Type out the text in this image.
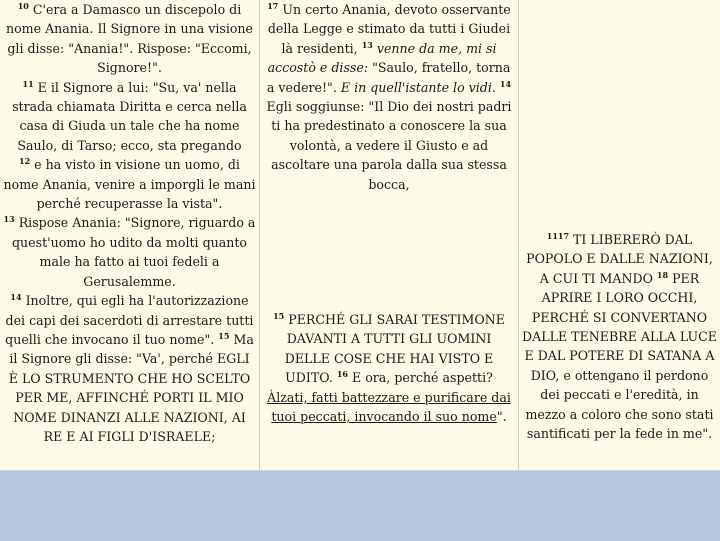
$^{10}$ C'era a Damasco un discepolo di nome Anania. Il Signore in una visione gli disse: "Anania!". Rispose: "Eccomi, Signore!".

$^{11}$ E il Signore a lui: "Su, va' nella strada chiamata Diritta e cerca nella casa di Giuda un tale che ha nome Saulo, di Tarso; ecco, sta pregando

$^{12}$ e ha visto in visione un uomo, di nome Anania, venire a imporgli le mani perché recuperasse la vista".

$^{13}$ Rispose Anania: "Signore, riguardo a quest'uomo ho udito da molti quanto male ha fatto ai tuoi fedeli a Gerusalemme.

$^{14}$ Inoltre, qui egli ha l'autorizzazione dei capi dei sacerdoti di arrestare tutti quelli che invocano il tuo nome". $^{15}$ Ma il Signore gli disse: "Va', perché EGLI È LO STRUMENTO CHE HO SCELTO PER ME, AFFINCHÉ PORTI IL MIO NOME DINANZI ALLE NAZIONI, AI RE E AI FIGLI D'ISRAELE;

$^{17}$ Un certo Anania, devoto osservante della Legge e stimato da tutti i Giudei là residenti, $^{13}$ venne da me, mi si accostò e disse: "Saulo, fratello, torna a vedere!". E in quell'istante lo vidi. $^{14}$ Egli soggiunse: "Il Dio dei nostri padri ti ha predestinato a conoscere la sua volontà, a vedere il Giusto e ad ascoltare una parola dalla sua stessa bocca,

$^{15}$ PERCHÉ GLI SARAI TESTIMONE DAVANTI A TUTTI GLI UOMINI DELLE COSE CHE HAI VISTO E UDITO. $^{16}$ E ora, perché aspetti? Àlzati, fatti battezzare e purificare dai tuoi peccati, invocando il suo nome".

$^{1117}$ TI LIBERERÒ DAL POPOLO E DALLE NAZIONI, A CUI TI MANDO $^{18}$ PER APRIRE I LORO OCCHI, PERCHÉ SI CONVERTANO DALLE TENEBRE ALLA LUCE E DAL POTERE DI SATANA A DIO, e ottengano il perdono dei peccati e l'eredità, in mezzo a coloro che sono stati santificati per la fede in me".
